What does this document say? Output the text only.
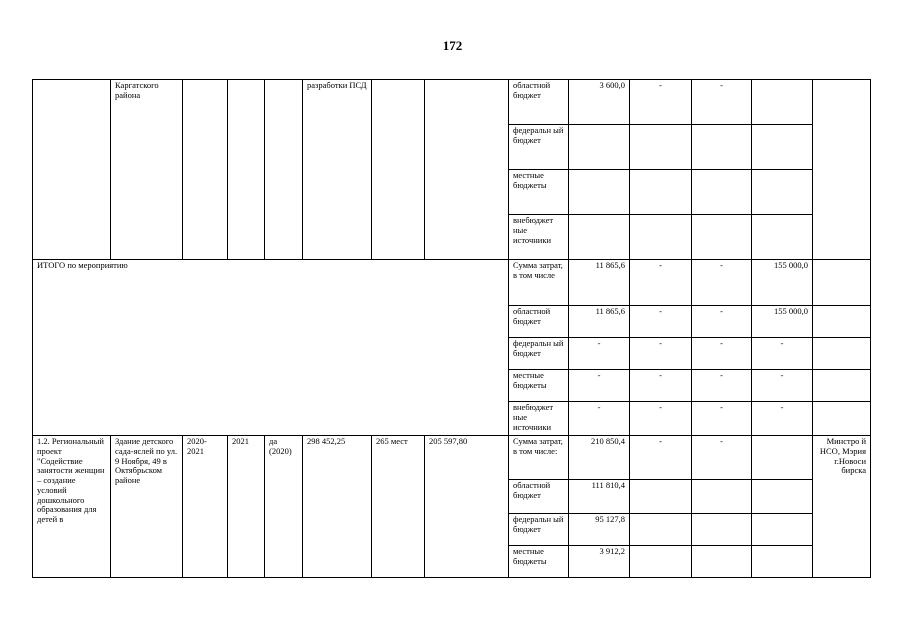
172
	Каргатского района				разработки ПСД			областной бюджет	3 600,0	-	-		
								федеральн ый бюджет					
								местные бюджеты					
								внебюджет ные источники					
ИТОГО по мероприятию								Сумма затрат, в том числе	11 865,6	-	-	155 000,0	
								областной бюджет	11 865,6	-	-	155 000,0	
								федеральн ый бюджет	-	-	-	-	
								местные бюджеты	-	-	-	-	
								внебюджет ные источники	-	-	-	-	
1.2. Региональный проект "Содействие занятости женщин – создание условий дошкольного образования для детей в	Здание детского сада-яслей по ул. 9 Ноября, 49 в Октябрьском районе	2020-2021	2021	да (2020)	298 452,25	265 мест	205 597,80	Сумма затрат, в том числе:	210 850,4	-	-		Минстро й НСО, Мэрия г.Новоси бирска
								областной бюджет	111 810,4				
								федеральн ый бюджет	95 127,8				
								местные бюджеты	3 912,2				
